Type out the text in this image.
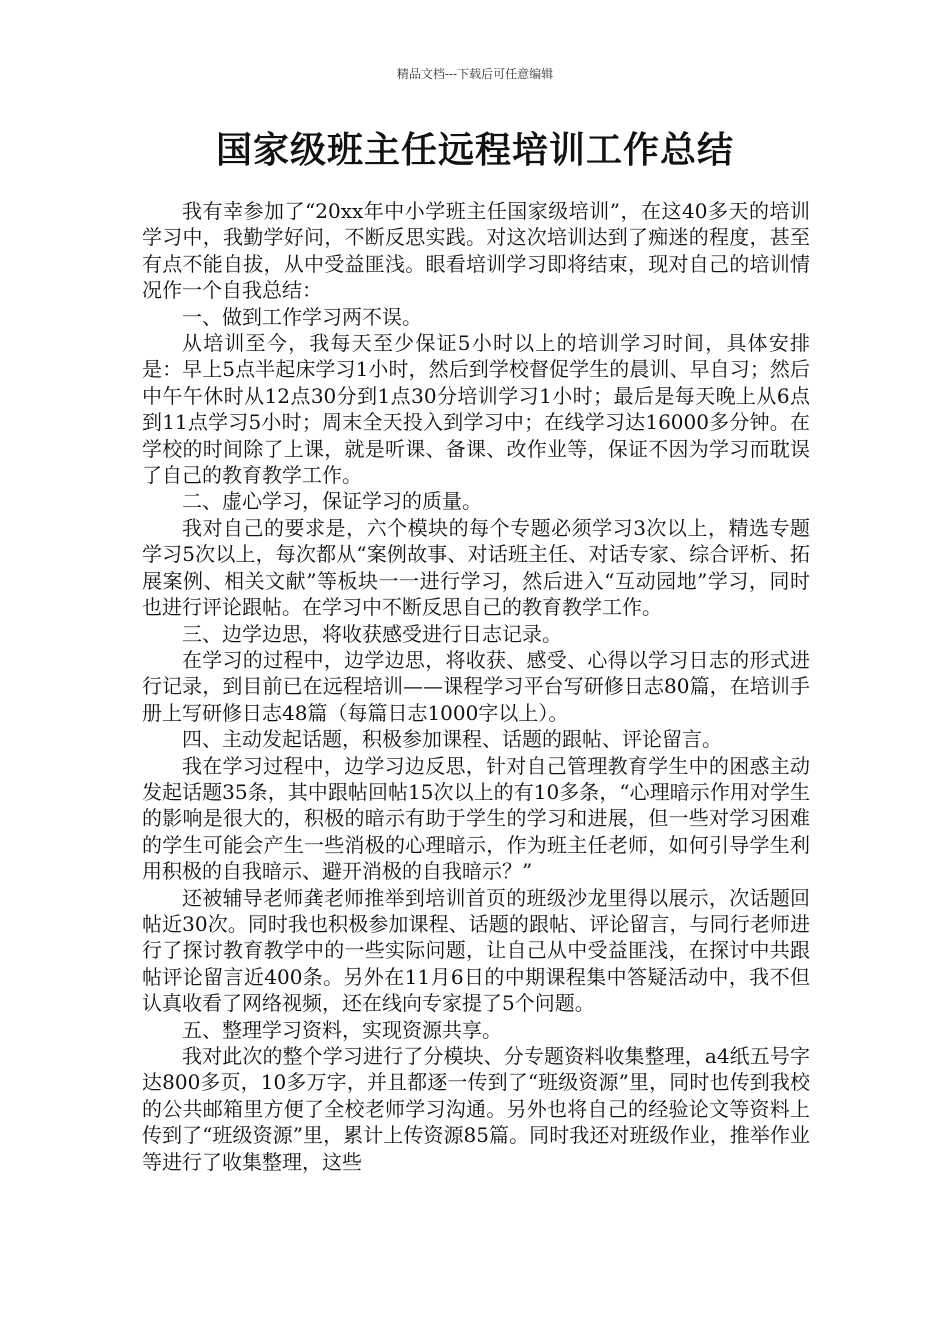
精品文档---下载后可任意编辑
国家级班主任远程培训工作总结

我有幸参加了“20xx年中小学班主任国家级培训”，在这40多天的培训学习中，我勤学好问，不断反思实践。对这次培训达到了痴迷的程度，甚至有点不能自拔，从中受益匪浅。眼看培训学习即将结束，现对自己的培训情况作一个自我总结：

一、做到工作学习两不误。

从培训至今，我每天至少保证5小时以上的培训学习时间，具体安排是：早上5点半起床学习1小时，然后到学校督促学生的晨训、早自习；然后中午午休时从12点30分到1点30分培训学习1小时；最后是每天晚上从6点到11点学习5小时；周末全天投入到学习中；在线学习达16000多分钟。在学校的时间除了上课，就是听课、备课、改作业等，保证不因为学习而耽误了自己的教育教学工作。

二、虚心学习，保证学习的质量。

我对自己的要求是，六个模块的每个专题必须学习3次以上，精选专题学习5次以上，每次都从“案例故事、对话班主任、对话专家、综合评析、拓展案例、相关文献”等板块一一进行学习，然后进入“互动园地”学习，同时也进行评论跟帖。在学习中不断反思自己的教育教学工作。

三、边学边思，将收获感受进行日志记录。

在学习的过程中，边学边思，将收获、感受、心得以学习日志的形式进行记录，到目前已在远程培训——课程学习平台写研修日志80篇，在培训手册上写研修日志48篇（每篇日志1000字以上）。

四、主动发起话题，积极参加课程、话题的跟帖、评论留言。

我在学习过程中，边学习边反思，针对自己管理教育学生中的困惑主动发起话题35条，其中跟帖回帖15次以上的有10多条，“心理暗示作用对学生的影响是很大的，积极的暗示有助于学生的学习和进展，但一些对学习困难的学生可能会产生一些消极的心理暗示，作为班主任老师，如何引导学生利用积极的自我暗示、避开消极的自我暗示？”

还被辅导老师龚老师推举到培训首页的班级沙龙里得以展示，次话题回帖近30次。同时我也积极参加课程、话题的跟帖、评论留言，与同行老师进行了探讨教育教学中的一些实际问题，让自己从中受益匪浅，在探讨中共跟帖评论留言近400条。另外在11月6日的中期课程集中答疑活动中，我不但认真收看了网络视频，还在线向专家提了5个问题。

五、整理学习资料，实现资源共享。

我对此次的整个学习进行了分模块、分专题资料收集整理，a4纸五号字达800多页，10多万字，并且都逐一传到了“班级资源”里，同时也传到我校的公共邮箱里方便了全校老师学习沟通。另外也将自己的经验论文等资料上传到了“班级资源”里，累计上传资源85篇。同时我还对班级作业，推举作业等进行了收集整理，这些
